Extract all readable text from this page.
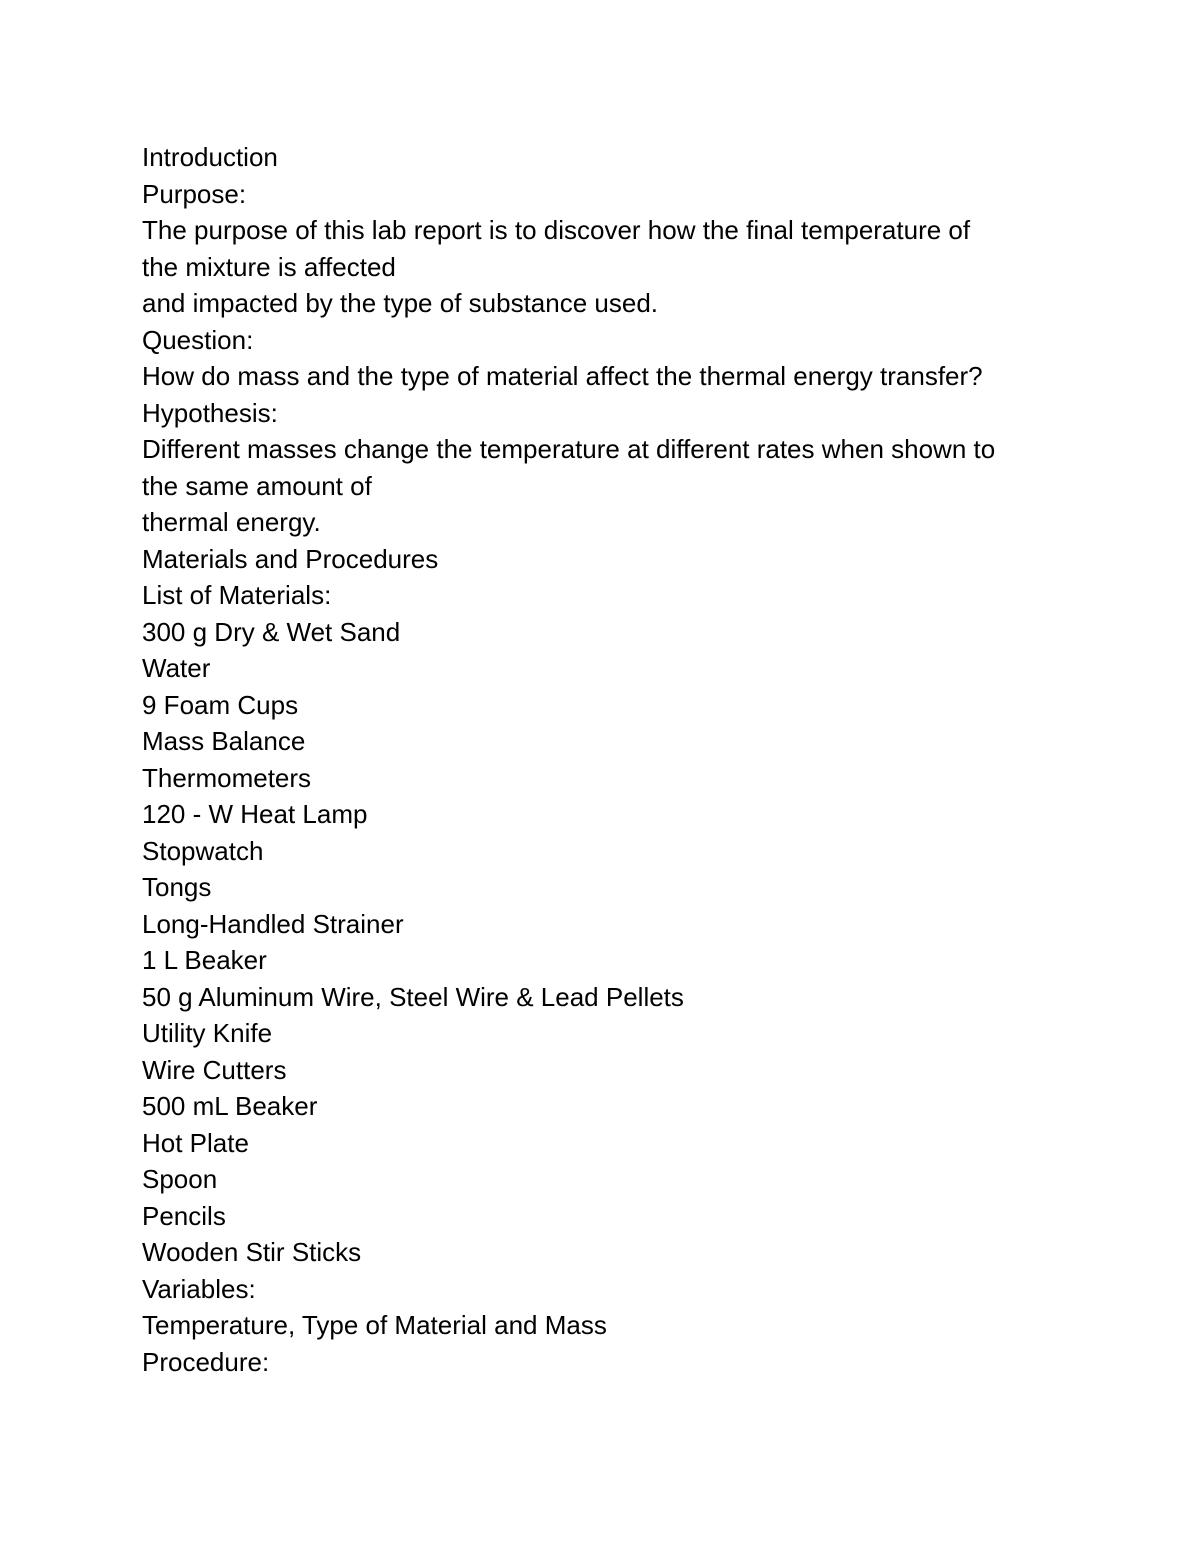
Introduction
Purpose:
The purpose of this lab report is to discover how the final temperature of
the mixture is affected
and impacted by the type of substance used.
Question:
How do mass and the type of material affect the thermal energy transfer?
Hypothesis:
Different masses change the temperature at different rates when shown to
the same amount of
thermal energy.
Materials and Procedures
List of Materials:
300 g Dry & Wet Sand
Water
9 Foam Cups
Mass Balance
Thermometers
120 - W Heat Lamp
Stopwatch
Tongs
Long-Handled Strainer
1 L Beaker
50 g Aluminum Wire, Steel Wire & Lead Pellets
Utility Knife
Wire Cutters
500 mL Beaker
Hot Plate
Spoon
Pencils
Wooden Stir Sticks
Variables:
Temperature, Type of Material and Mass
Procedure:
